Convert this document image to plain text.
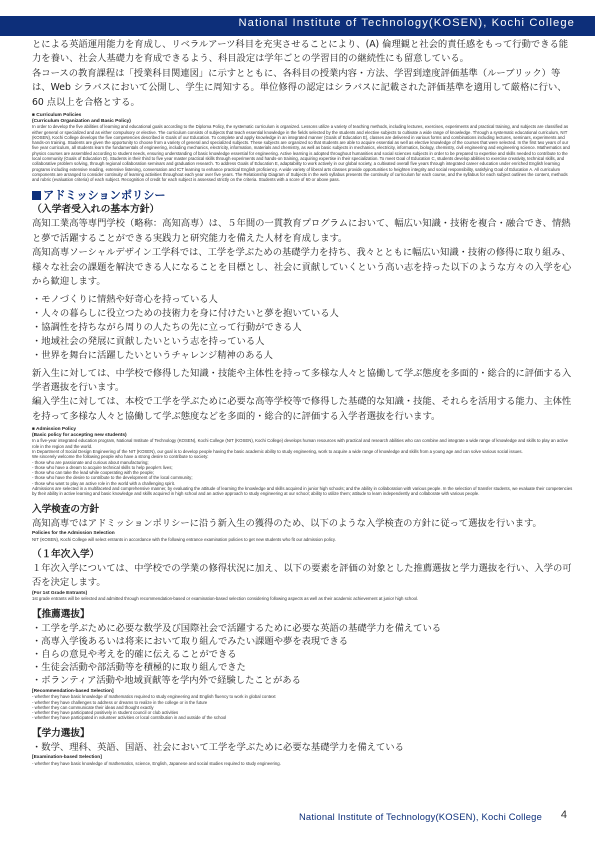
National Institute of Technology(KOSEN), Kochi College

とによる英語運用能力を育成し、リベラルアーツ科目を充実させることにより、(A) 倫理観と社会的責任感をもって行動できる能力を養い、社会人基礎力を育成できるよう、科目設定は学年ごとの学習目的の継続性にも留意している。

各コースの教育課程は「授業科目関連図」に示すとともに、各科目の授業内容・方法、学習到達度評価基準（ルーブリック）等は、Web シラバスにおいて公開し、学生に周知する。単位修得の認定はシラバスに記載された評価基準を適用して厳格に行い、60 点以上を合格とする。

■ Curriculum Policies

(Curriculum Organization and Basic Policy)

In order to develop the five abilities of learning and educational goals according to the Diploma Policy, the systematic curriculum is organized. Lessons utilize a variety of teaching methods, including lectures, exercises, experiments and practical training, and subjects are classified as either general or specialized and as either compulsory or elective. The curriculum consists of subjects that teach essential knowledge in the fields selected by the students and elective subjects to cultivate a wide range of knowledge. Through a systematic educational curriculum, NIT (KOSEN), Kochi College develops the five competencies described in Goals of our Education. To complete and apply knowledge in an integrated manner (Goals of Education E), classes are delivered in various forms and combinations including lectures, seminars, experiments and hands-on training. Students are given the opportunity to choose from a variety of general and specialized subjects. These subjects are organized so that students are able to acquire essential as well as elective knowledge of the courses that were selected. In the first two years of our five year curriculum, all students learn the fundamentals of engineering, including mechanics, electricity, information, materials and chemistry, as well as basic subjects in mechanics, electricity, informatics, biology, chemistry, civil engineering and engineering science. Mathematics and physics courses are assembled according to student needs, ensuring understanding of basic knowledge essential for engineering. Active learning is adopted throughout humanities and social sciences subjects in order to be prepared to expertise and skills needed to contribute to the local community (Goals of Education D). Students in their third to five year master practical skills through experiments and hands-on training, acquiring expertise in their specialization. To meet Goal of Education C, students develop abilities to exercise creativity, technical skills, and collaborative problem solving, through regional collaboration seminars and graduation research. To address Goals of Education E, adaptability to work actively in our global society, a cultivated overall five years through integrated career education under enriched English learning programs including extensive reading, extensive listening, conversation and ICT learning to enhance practical English proficiency. A wide variety of liberal arts classes provide opportunities to heighten integrity and social responsibility, satisfying Goal of Education A. All curriculum components are arranged to consider continuity of learning activities throughout each year over five years. The Relationship Diagram of Subjects in the web syllabus presents the continuity of curriculum for each course, and the syllabus for each subject outlines the content, methods and rubric (evaluation criteria) of each subject. Recognition of credit for each subject is assessed strictly on the criteria. Students with a score of 60 or above pass.

アドミッションポリシー

（入学者受入れの基本方針）

高知工業高等専門学校（略称：高知高専）は、５年間の一貫教育プログラムにおいて、幅広い知識・技術を複合・融合でき、情熱と夢で活躍することができる実践力と研究能力を備えた人材を育成します。

高知高専ソーシャルデザイン工学科では、工学を学ぶための基礎学力を持ち、我々とともに幅広い知識・技術の修得に取り組み、様々な社会の課題を解決できる人になることを目標とし、社会に貢献していくという高い志を持った以下のような方々の入学を心から歓迎します。

・モノづくりに情熱や好奇心を持っている人
・人々の暮らしに役立つための技術力を身に付けたいと夢を抱いている人
・協調性を持ちながら周りの人たちの先に立って行動ができる人
・地域社会の発展に貢献したいという志を持っている人
・世界を舞台に活躍したいというチャレンジ精神のある人

新入生に対しては、中学校で修得した知識・技能や主体性を持って多様な人々と協働して学ぶ態度を多面的・総合的に評価する入学者選抜を行います。

編入学生に対しては、本校で工学を学ぶために必要な高等学校等で修得した基礎的な知識・技能、それらを活用する能力、主体性を持って多様な人々と協働して学ぶ態度などを多面的・総合的に評価する入学者選抜を行います。

■ Admission Policy

(Basic policy for accepting new students)

In a five-year integrated education program, National Institute of Technology (KOSEN), Kochi College (NIT (KOSEN), Kochi College) develops human resources with practical and research abilities who can combine and integrate a wide range of knowledge and skills to play an active role in the region and the world.

In Department of Social Design Engineering of the NIT (KOSEN), our goal is to develop people having the basic academic ability to study engineering, work to acquire a wide range of knowledge and skills from a young age and can solve various social issues.

We sincerely welcome the following people who have a strong desire to contribute to society:

- those who are passionate and curious about manufacturing;

- those who have a dream to acquire technical skills to help people's lives;

- those who can take the lead while cooperating with the people;

- those who have the desire to contribute to the development of the local community;

- those who want to play an active role in the world with a challenging spirit.

Admissions are selected in a multifaceted and comprehensive manner, by evaluating the attitude of learning the knowledge and skills acquired in junior high schools; and the ability in collaboration with various people. In the selection of transfer students, we evaluate their competencies by their ability in active learning and basic knowledge and skills acquired in high school and an active approach to study engineering at our school; ability to utilize them; attitude to learn independently and collaborate with various people.

入学検査の方針

高知高専ではアドミッションポリシーに沿う新入生の獲得のため、以下のような入学検査の方針に従って選抜を行います。

Policies for the Admission Selection

NIT (KOSEN), Kochi College will select entrants in accordance with the following entrance examination policies to get new students who fit our admission policy.

（１年次入学）

１年次入学については、中学校での学業の修得状況に加え、以下の要素を評価の対象とした推薦選抜と学力選抜を行い、入学の可否を決定します。

(For 1st Grade Entrants)

1st grade entrants will be selected and admitted through recommendation-based or examination-based selection considering following aspects as well as their academic achievement at junior high school.

【推薦選抜】

・工学を学ぶために必要な数学及び国際社会で活躍するために必要な英語の基礎学力を備えている
・高専入学後あるいは将来において取り組んでみたい課題や夢を表現できる
・自らの意見や考えを的確に伝えることができる
・生徒会活動や部活動等を積極的に取り組んできた
・ボランティア活動や地域貢献等を学内外で経験したことがある

[Recommendation-based Selection]

- whether they have basic knowledge of mathematics required to study engineering and English fluency to work in global context

- whether they have challenges to address or dreams to realize in the college or in the future

- whether they can communicate their ideas and thought exactly

- whether they have participated positively in student council or club activities

- whether they have participated in volunteer activities or local contribution in and outside of the school

【学力選抜】

・数学、理科、英語、国語、社会において工学を学ぶために必要な基礎学力を備えている

[Examination-based Selection]

- whether they have basic knowledge of mathematics, science, English, Japanese and social studies required to study engineering.

National Institute of Technology(KOSEN), Kochi College 4
